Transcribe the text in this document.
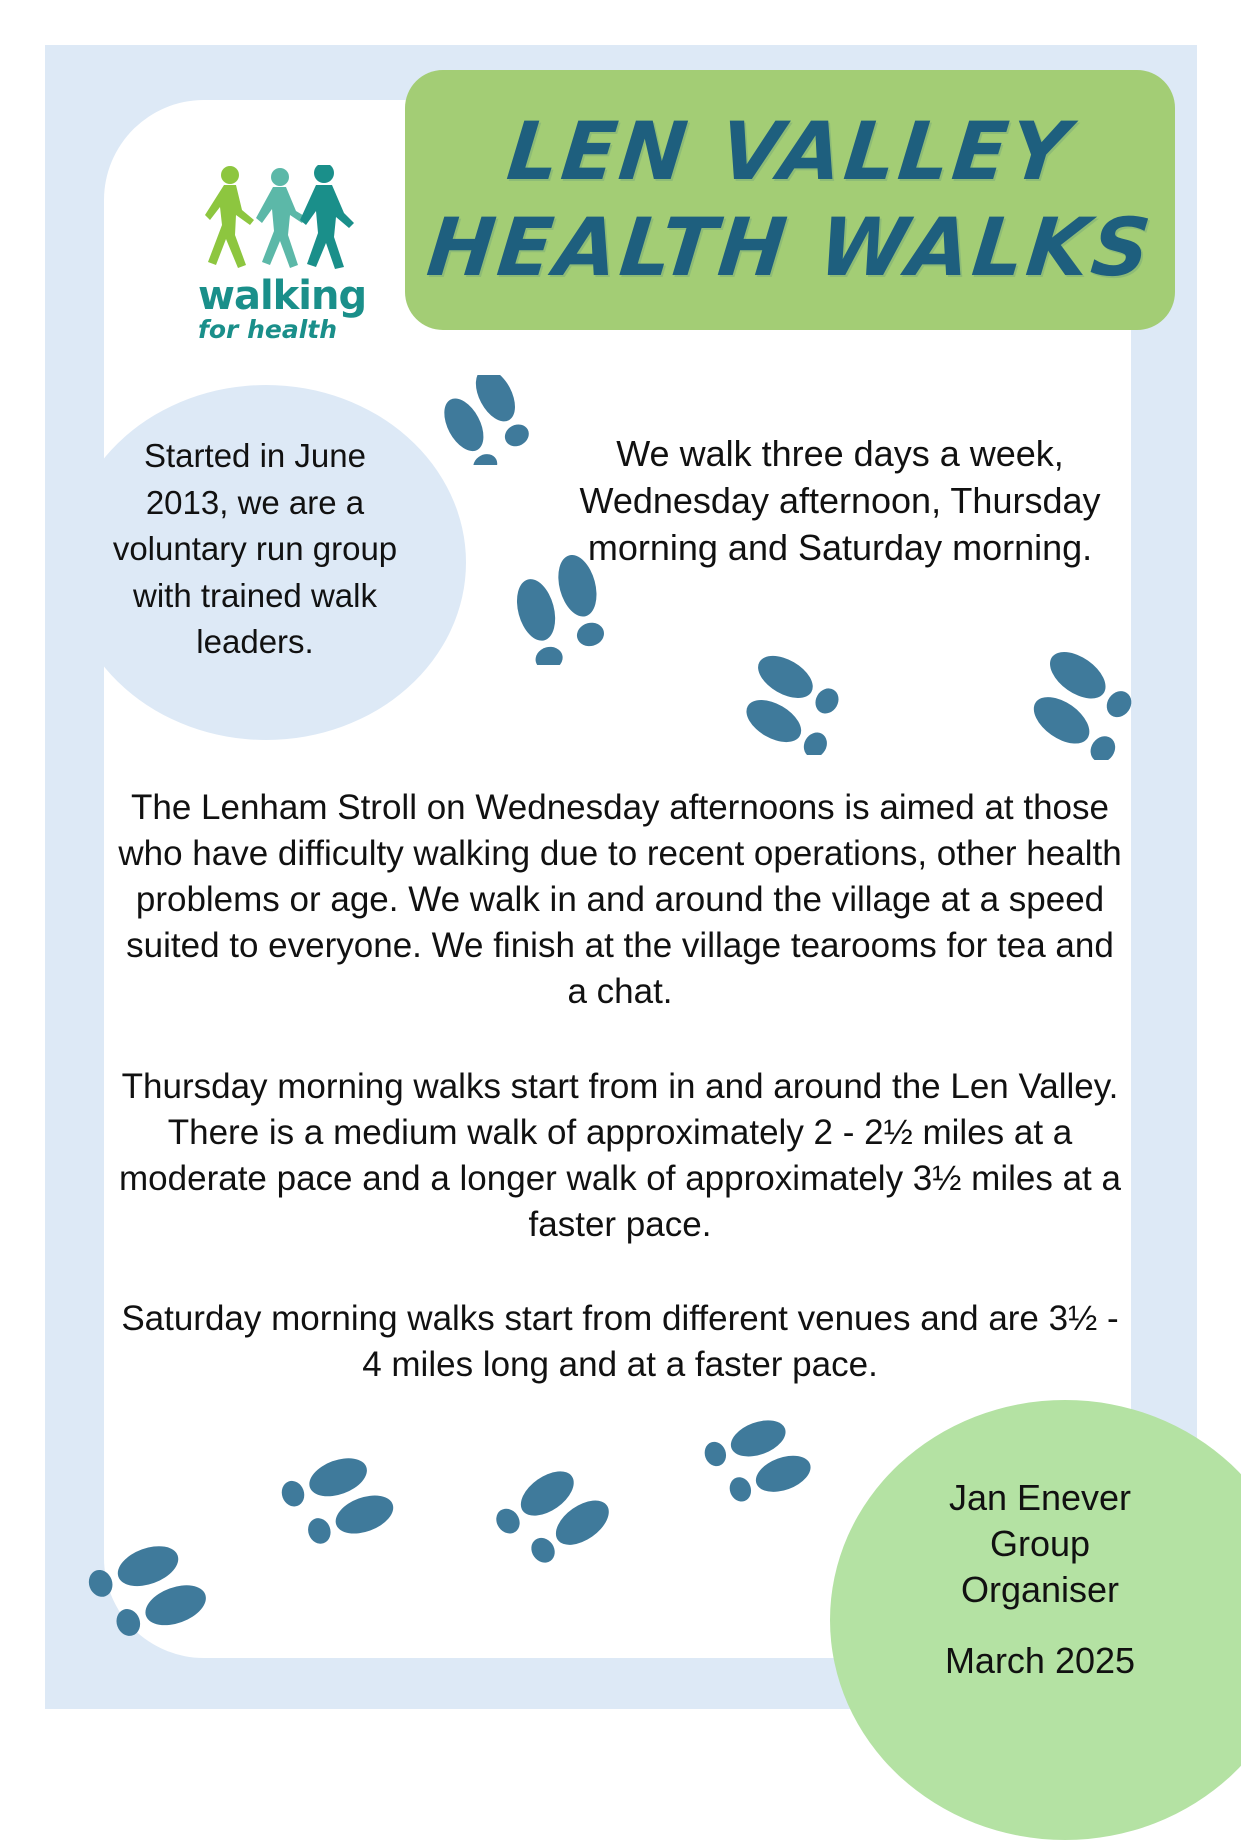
walking
for health
LEN VALLEY
HEALTH WALKS
Started in June 2013, we are a voluntary run group with trained walk leaders.
We walk three days a week, Wednesday afternoon, Thursday morning and Saturday morning.
The Lenham Stroll on Wednesday afternoons is aimed at those who have difficulty walking due to recent operations, other health problems or age. We walk in and around the village at a speed suited to everyone. We finish at the village tearooms for tea and a chat.
Thursday morning walks start from in and around the Len Valley. There is a medium walk of approximately 2 - 2½ miles at a moderate pace and a longer walk of approximately 3½ miles at a faster pace.
Saturday morning walks start from different venues and are 3½ - 4 miles long and at a faster pace.
Jan Enever
Group
Organiser
March 2025
